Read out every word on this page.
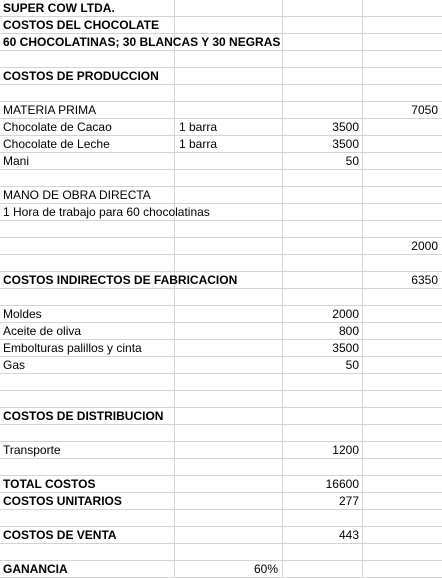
SUPER COW LTDA.
COSTOS DEL CHOCOLATE
60 CHOCOLATINAS; 30 BLANCAS Y 30 NEGRAS
COSTOS DE PRODUCCION
MATERIA PRIMA	7050
Chocolate de Cacao	1 barra	3500
Chocolate de Leche	1 barra	3500
Mani	50
MANO DE OBRA DIRECTA
1 Hora de trabajo para 60 chocolatinas
2000
COSTOS INDIRECTOS DE FABRICACION	6350
Moldes	2000
Aceite de oliva	800
Embolturas palillos y cinta	3500
Gas	50
COSTOS DE DISTRIBUCION
Transporte	1200
TOTAL COSTOS	16600
COSTOS UNITARIOS	277
COSTOS DE VENTA	443
GANANCIA	60%
